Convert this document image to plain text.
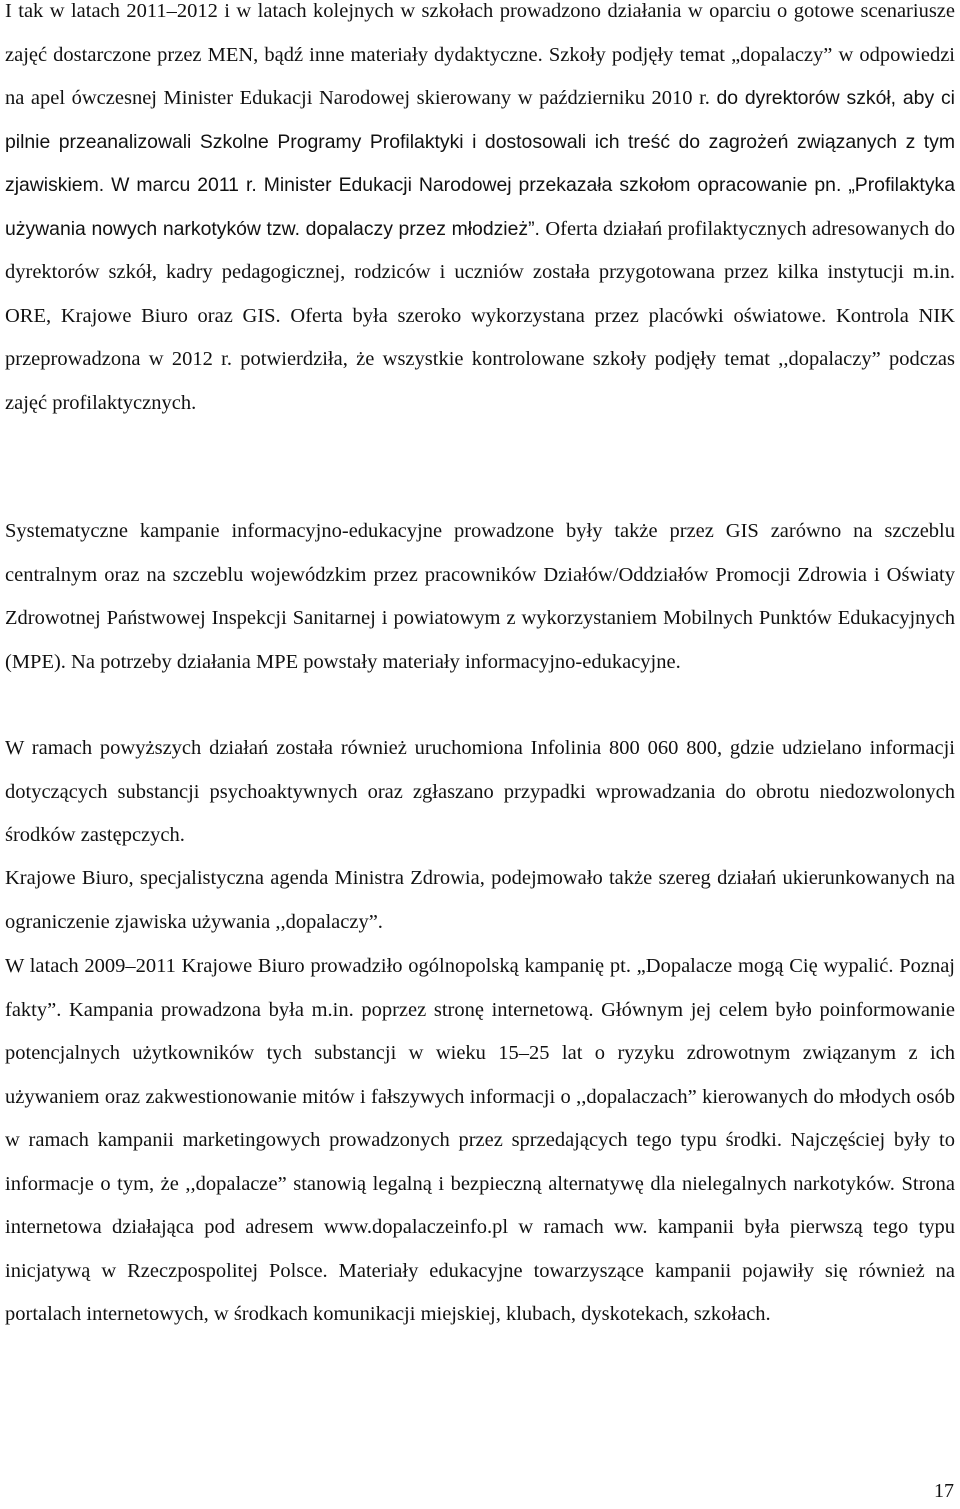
I tak w latach 2011–2012 i w latach kolejnych w szkołach prowadzono działania w oparciu o gotowe scenariusze zajęć dostarczone przez MEN, bądź inne materiały dydaktyczne. Szkoły podjęły temat „dopalaczy” w odpowiedzi na apel ówczesnej Minister Edukacji Narodowej skierowany w październiku 2010 r. do dyrektorów szkół, aby ci pilnie przeanalizowali Szkolne Programy Profilaktyki i dostosowali ich treść do zagrożeń związanych z tym zjawiskiem. W marcu 2011 r. Minister Edukacji Narodowej przekazała szkołom opracowanie pn. „Profilaktyka używania nowych narkotyków tzw. dopalaczy przez młodzież”. Oferta działań profilaktycznych adresowanych do dyrektorów szkół, kadry pedagogicznej, rodziców i uczniów została przygotowana przez kilka instytucji m.in. ORE, Krajowe Biuro oraz GIS. Oferta była szeroko wykorzystana przez placówki oświatowe. Kontrola NIK przeprowadzona w 2012 r. potwierdziła, że wszystkie kontrolowane szkoły podjęły temat ,,dopalaczy” podczas zajęć profilaktycznych.

Systematyczne kampanie informacyjno-edukacyjne prowadzone były także przez GIS zarówno na szczeblu centralnym oraz na szczeblu wojewódzkim przez pracowników Działów/Oddziałów Promocji Zdrowia i Oświaty Zdrowotnej Państwowej Inspekcji Sanitarnej i powiatowym z wykorzystaniem Mobilnych Punktów Edukacyjnych (MPE). Na potrzeby działania MPE powstały materiały informacyjno-edukacyjne.

W ramach powyższych działań została również uruchomiona Infolinia 800 060 800, gdzie udzielano informacji dotyczących substancji psychoaktywnych oraz zgłaszano przypadki wprowadzania do obrotu niedozwolonych środków zastępczych.

Krajowe Biuro, specjalistyczna agenda Ministra Zdrowia, podejmowało także szereg działań ukierunkowanych na ograniczenie zjawiska używania ,,dopalaczy”.

W latach 2009–2011 Krajowe Biuro prowadziło ogólnopolską kampanię pt. „Dopalacze mogą Cię wypalić. Poznaj fakty”. Kampania prowadzona była m.in. poprzez stronę internetową. Głównym jej celem było poinformowanie potencjalnych użytkowników tych substancji w wieku 15–25 lat o ryzyku zdrowotnym związanym z ich używaniem oraz zakwestionowanie mitów i fałszywych informacji o ,,dopalaczach” kierowanych do młodych osób w ramach kampanii marketingowych prowadzonych przez sprzedających tego typu środki. Najczęściej były to informacje o tym, że ,,dopalacze” stanowią legalną i bezpieczną alternatywę dla nielegalnych narkotyków. Strona internetowa działająca pod adresem www.dopalaczeinfo.pl w ramach ww. kampanii była pierwszą tego typu inicjatywą w Rzeczpospolitej Polsce. Materiały edukacyjne towarzyszące kampanii pojawiły się również na portalach internetowych, w środkach komunikacji miejskiej, klubach, dyskotekach, szkołach.

17
